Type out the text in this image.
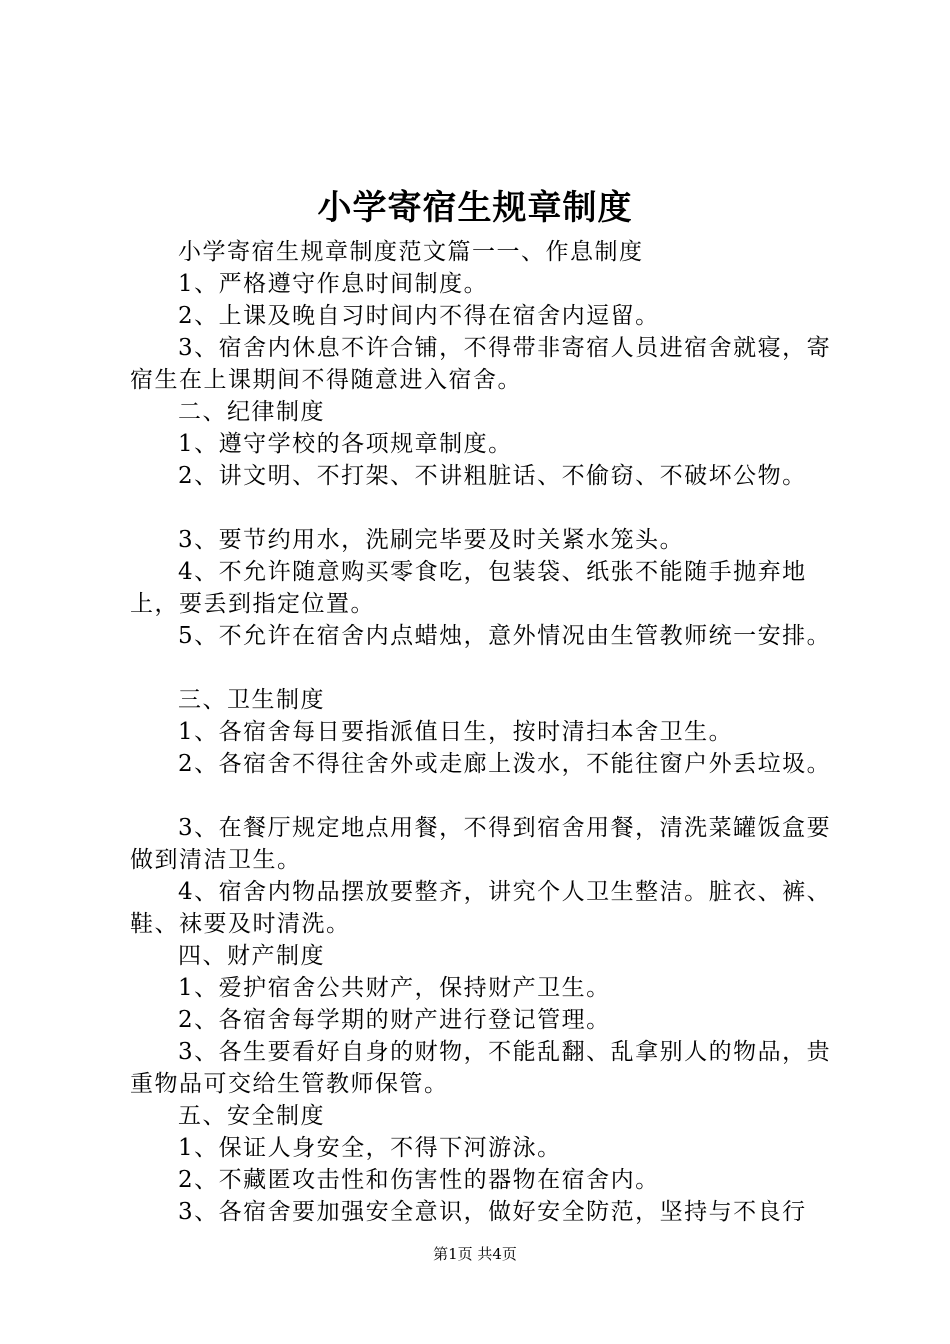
小学寄宿生规章制度

小学寄宿生规章制度范文篇一一、作息制度

1、严格遵守作息时间制度。

2、上课及晚自习时间内不得在宿舍内逗留。

3、宿舍内休息不许合铺，不得带非寄宿人员进宿舍就寝，寄宿生在上课期间不得随意进入宿舍。

二、纪律制度

1、遵守学校的各项规章制度。

2、讲文明、不打架、不讲粗脏话、不偷窃、不破坏公物。

3、要节约用水，洗刷完毕要及时关紧水笼头。

4、不允许随意购买零食吃，包装袋、纸张不能随手抛弃地上，要丢到指定位置。

5、不允许在宿舍内点蜡烛，意外情况由生管教师统一安排。

三、卫生制度

1、各宿舍每日要指派值日生，按时清扫本舍卫生。

2、各宿舍不得往舍外或走廊上泼水，不能往窗户外丢垃圾。

3、在餐厅规定地点用餐，不得到宿舍用餐，清洗菜罐饭盒要做到清洁卫生。

4、宿舍内物品摆放要整齐，讲究个人卫生整洁。脏衣、裤、鞋、袜要及时清洗。

四、财产制度

1、爱护宿舍公共财产，保持财产卫生。

2、各宿舍每学期的财产进行登记管理。

3、各生要看好自身的财物，不能乱翻、乱拿别人的物品，贵重物品可交给生管教师保管。

五、安全制度

1、保证人身安全，不得下河游泳。

2、不藏匿攻击性和伤害性的器物在宿舍内。

3、各宿舍要加强安全意识，做好安全防范，坚持与不良行

第1页 共4页
